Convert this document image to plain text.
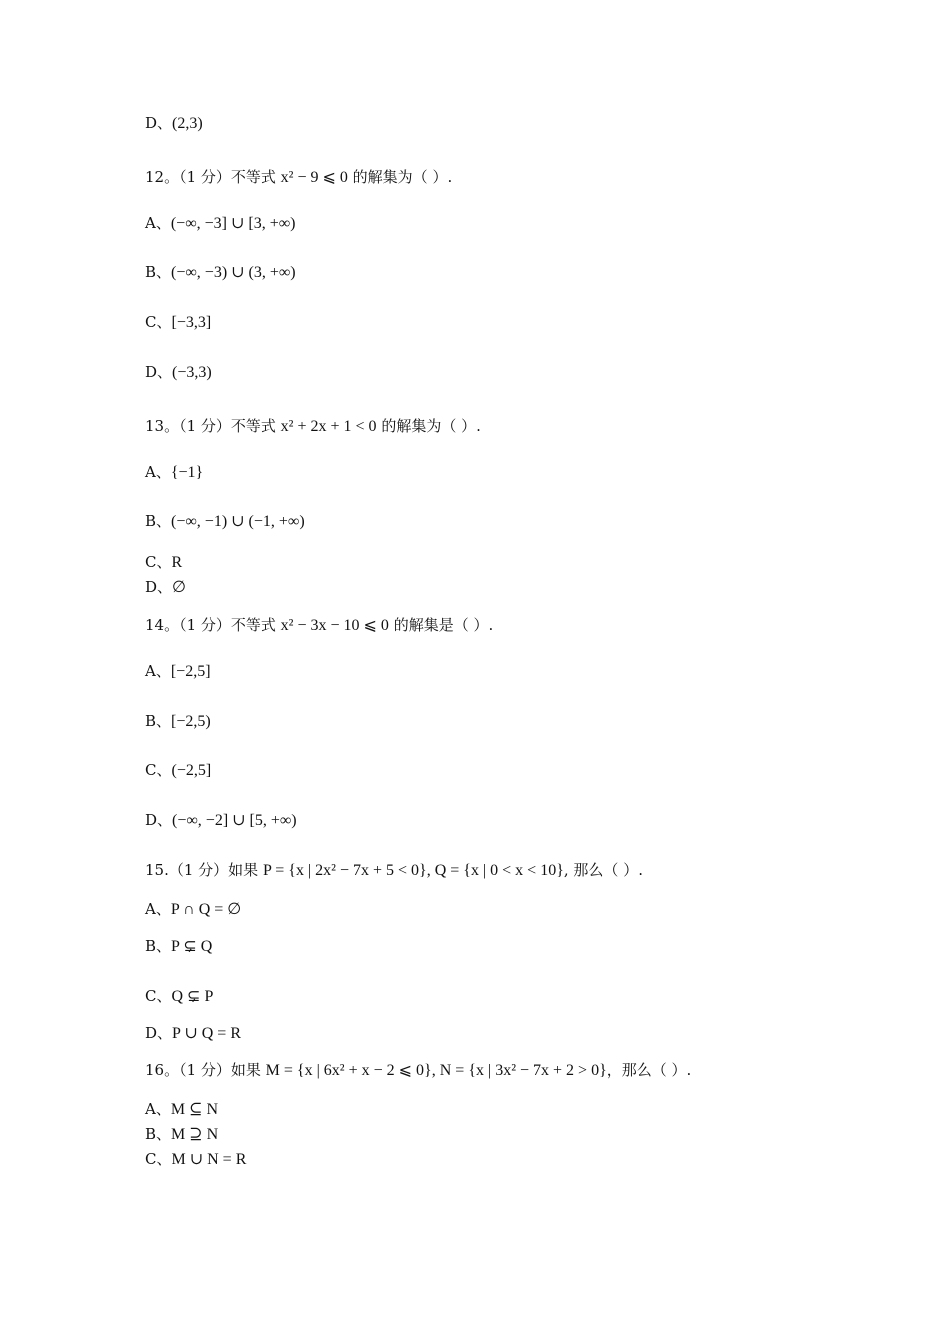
D、(2,3)
12。（1 分）不等式 x² − 9 ⩽ 0 的解集为（ ）.
A、(−∞, −3] ∪ [3, +∞)
B、(−∞, −3) ∪ (3, +∞)
C、[−3,3]
D、(−3,3)
13。（1 分）不等式 x² + 2x + 1 < 0 的解集为（ ）.
A、{−1}
B、(−∞, −1) ∪ (−1, +∞)
C、R
D、∅
14。（1 分）不等式 x² − 3x − 10 ⩽ 0 的解集是（ ）.
A、[−2,5]
B、[−2,5)
C、(−2,5]
D、(−∞, −2] ∪ [5, +∞)
15.（1 分）如果 P = {x | 2x² − 7x + 5 < 0}, Q = {x | 0 < x < 10}, 那么（ ）.
A、P ∩ Q = ∅
B、P ⊊ Q
C、Q ⊊ P
D、P ∪ Q = R
16。（1 分）如果 M = {x | 6x² + x − 2 ⩽ 0}, N = {x | 3x² − 7x + 2 > 0}，那么（ ）.
A、M ⊆ N
B、M ⊇ N
C、M ∪ N = R
